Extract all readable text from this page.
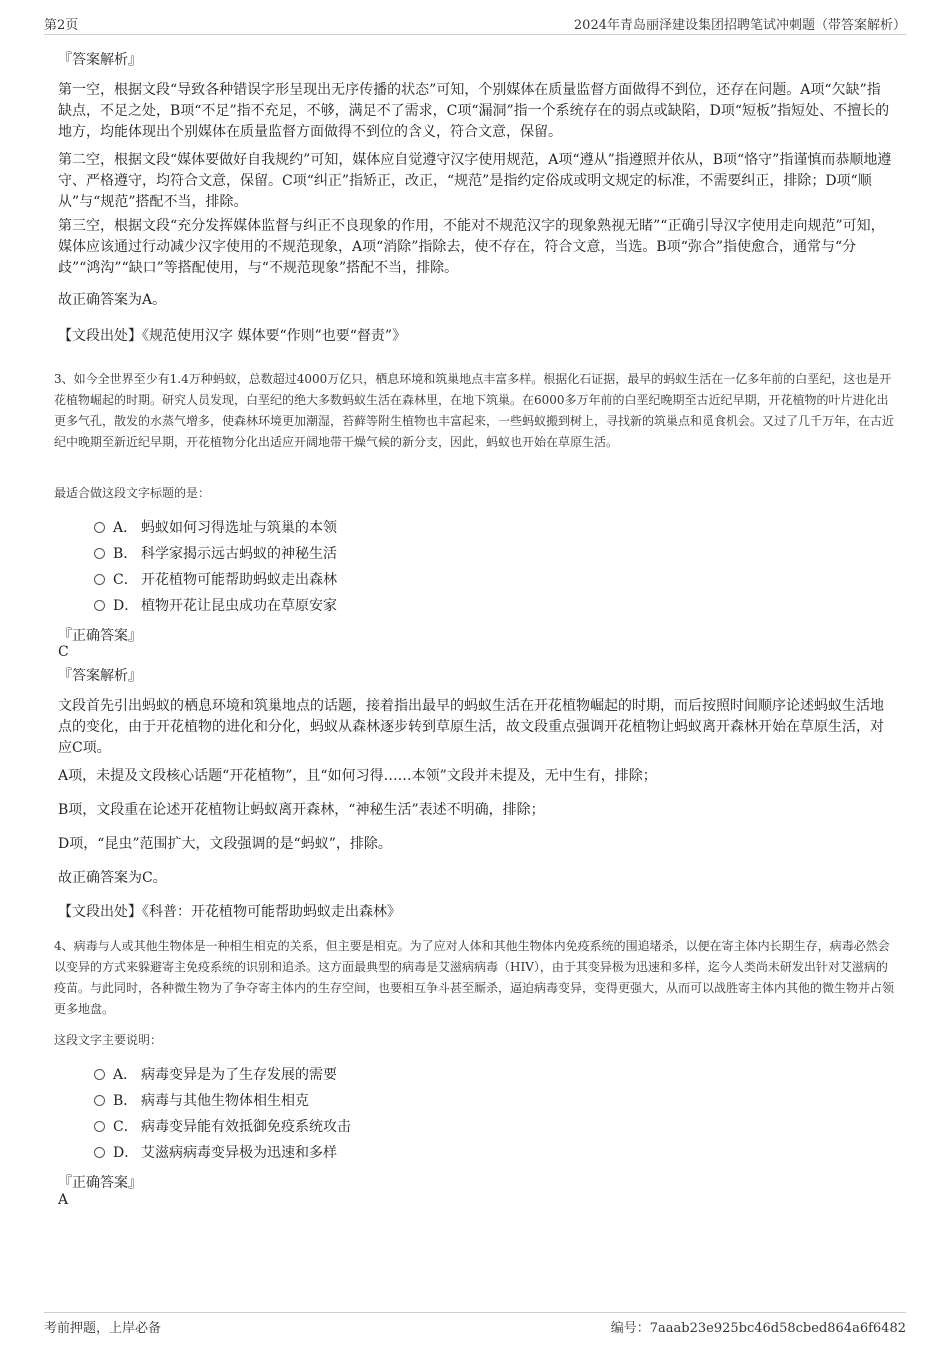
第2页	2024年青岛丽泽建设集团招聘笔试冲刺题（带答案解析）
『答案解析』

第一空，根据文段“导致各种错误字形呈现出无序传播的状态”可知，个别媒体在质量监督方面做得不到位，还存在问题。A项“欠缺”指缺点，不足之处，B项“不足”指不充足，不够，满足不了需求，C项“漏洞”指一个系统存在的弱点或缺陷，D项“短板”指短处、不擅长的地方，均能体现出个别媒体在质量监督方面做得不到位的含义，符合文意，保留。

第二空，根据文段“媒体要做好自我规约”可知，媒体应自觉遵守汉字使用规范，A项“遵从”指遵照并依从，B项“恪守”指谨慎而恭顺地遵守、严格遵守，均符合文意，保留。C项“纠正”指矫正，改正，“规范”是指约定俗成或明文规定的标准，不需要纠正，排除；D项“顺从”与“规范”搭配不当，排除。

第三空，根据文段“充分发挥媒体监督与纠正不良现象的作用，不能对不规范汉字的现象熟视无睹”“正确引导汉字使用走向规范”可知，媒体应该通过行动减少汉字使用的不规范现象，A项“消除”指除去，使不存在，符合文意，当选。B项“弥合”指使愈合，通常与“分歧”“鸿沟”“缺口”等搭配使用，与“不规范现象”搭配不当，排除。

故正确答案为A。

【文段出处】《规范使用汉字 媒体要“作则”也要“督责”》

3、如今全世界至少有1.4万种蚂蚁，总数超过4000万亿只，栖息环境和筑巢地点丰富多样。根据化石证据，最早的蚂蚁生活在一亿多年前的白垩纪，这也是开花植物崛起的时期。研究人员发现，白垩纪的绝大多数蚂蚁生活在森林里，在地下筑巢。在6000多万年前的白垩纪晚期至古近纪早期，开花植物的叶片进化出更多气孔，散发的水蒸气增多，使森林环境更加潮湿，苔藓等附生植物也丰富起来，一些蚂蚁搬到树上，寻找新的筑巢点和觅食机会。又过了几千万年，在古近纪中晚期至新近纪早期，开花植物分化出适应开阔地带干燥气候的新分支，因此，蚂蚁也开始在草原生活。

最适合做这段文字标题的是：

A． 蚂蚁如何习得选址与筑巢的本领
B． 科学家揭示远古蚂蚁的神秘生活
C． 开花植物可能帮助蚂蚁走出森林
D． 植物开花让昆虫成功在草原安家
『正确答案』
C
『答案解析』

文段首先引出蚂蚁的栖息环境和筑巢地点的话题，接着指出最早的蚂蚁生活在开花植物崛起的时期，而后按照时间顺序论述蚂蚁生活地点的变化，由于开花植物的进化和分化，蚂蚁从森林逐步转到草原生活，故文段重点强调开花植物让蚂蚁离开森林开始在草原生活，对应C项。

A项，未提及文段核心话题“开花植物”，且“如何习得……本领”文段并未提及，无中生有，排除；

B项，文段重在论述开花植物让蚂蚁离开森林，“神秘生活”表述不明确，排除；

D项，“昆虫”范围扩大，文段强调的是“蚂蚁”，排除。

故正确答案为C。

【文段出处】《科普：开花植物可能帮助蚂蚁走出森林》

4、病毒与人或其他生物体是一种相生相克的关系，但主要是相克。为了应对人体和其他生物体内免疫系统的围追堵杀，以便在寄主体内长期生存，病毒必然会以变异的方式来躲避寄主免疫系统的识别和追杀。这方面最典型的病毒是艾滋病病毒（HIV），由于其变异极为迅速和多样，迄今人类尚未研发出针对艾滋病的疫苗。与此同时，各种微生物为了争夺寄主体内的生存空间，也要相互争斗甚至厮杀，逼迫病毒变异，变得更强大，从而可以战胜寄主体内其他的微生物并占领更多地盘。

这段文字主要说明：

A． 病毒变异是为了生存发展的需要
B． 病毒与其他生物体相生相克
C． 病毒变异能有效抵御免疫系统攻击
D． 艾滋病病毒变异极为迅速和多样
『正确答案』
A
考前押题，上岸必备	编号：7aaab23e925bc46d58cbed864a6f6482
